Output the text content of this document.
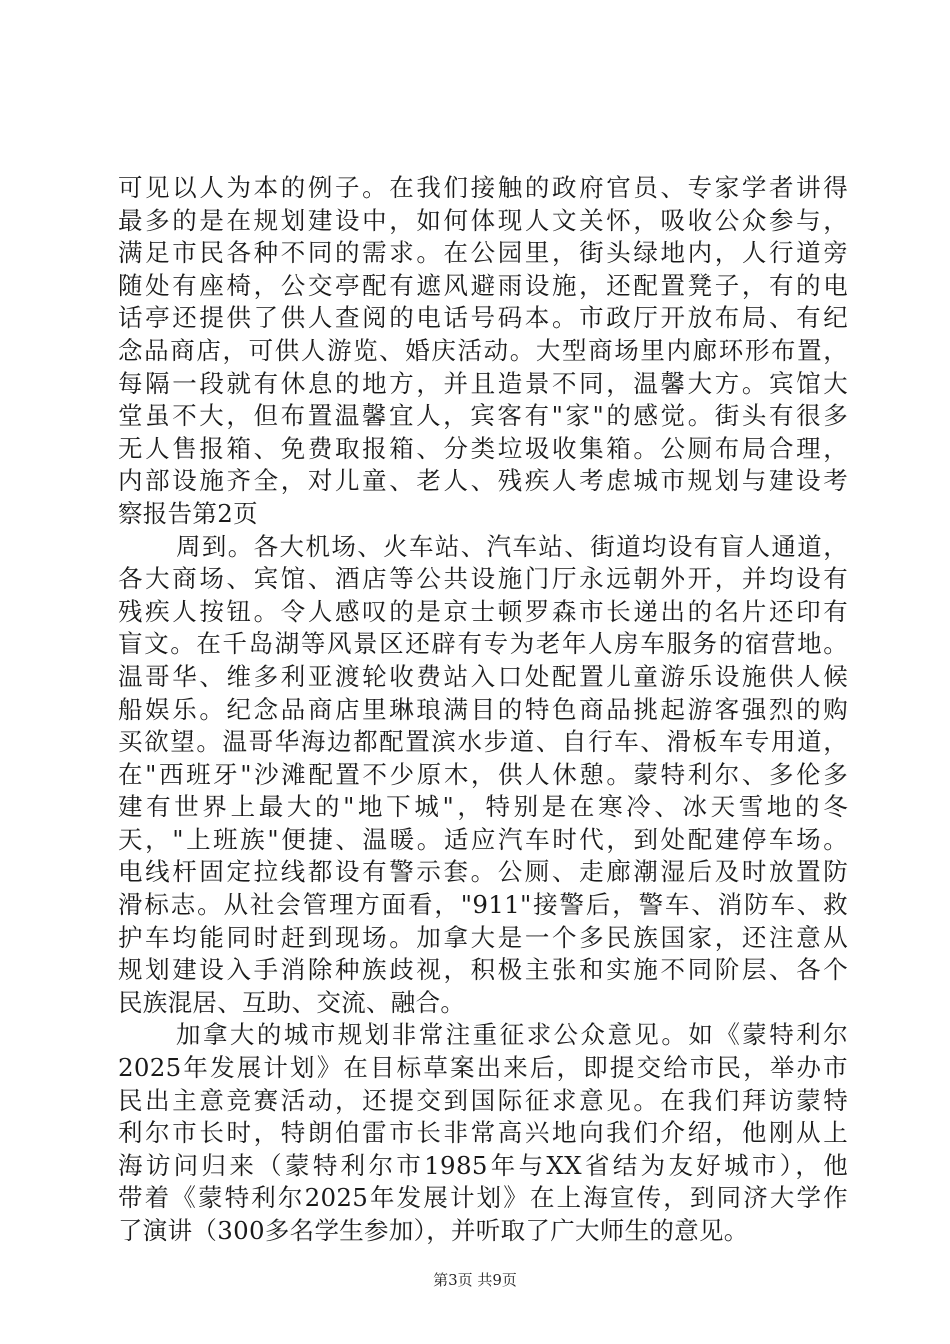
可见以人为本的例子。在我们接触的政府官员、专家学者讲得
最多的是在规划建设中，如何体现人文关怀，吸收公众参与，
满足市民各种不同的需求。在公园里，街头绿地内，人行道旁
随处有座椅，公交亭配有遮风避雨设施，还配置凳子，有的电
话亭还提供了供人查阅的电话号码本。市政厅开放布局、有纪
念品商店，可供人游览、婚庆活动。大型商场里内廊环形布置，
每隔一段就有休息的地方，并且造景不同，温馨大方。宾馆大
堂虽不大，但布置温馨宜人，宾客有"家"的感觉。街头有很多
无人售报箱、免费取报箱、分类垃圾收集箱。公厕布局合理，
内部设施齐全，对儿童、老人、残疾人考虑城市规划与建设考
察报告第2页
周到。各大机场、火车站、汽车站、街道均设有盲人通道，
各大商场、宾馆、酒店等公共设施门厅永远朝外开，并均设有
残疾人按钮。令人感叹的是京士顿罗森市长递出的名片还印有
盲文。在千岛湖等风景区还辟有专为老年人房车服务的宿营地。
温哥华、维多利亚渡轮收费站入口处配置儿童游乐设施供人候
船娱乐。纪念品商店里琳琅满目的特色商品挑起游客强烈的购
买欲望。温哥华海边都配置滨水步道、自行车、滑板车专用道，
在"西班牙"沙滩配置不少原木，供人休憩。蒙特利尔、多伦多
建有世界上最大的"地下城"，特别是在寒冷、冰天雪地的冬
天，"上班族"便捷、温暖。适应汽车时代，到处配建停车场。
电线杆固定拉线都设有警示套。公厕、走廊潮湿后及时放置防
滑标志。从社会管理方面看，"911"接警后，警车、消防车、救
护车均能同时赶到现场。加拿大是一个多民族国家，还注意从
规划建设入手消除种族歧视，积极主张和实施不同阶层、各个
民族混居、互助、交流、融合。
加拿大的城市规划非常注重征求公众意见。如《蒙特利尔
2025年发展计划》在目标草案出来后，即提交给市民，举办市
民出主意竞赛活动，还提交到国际征求意见。在我们拜访蒙特
利尔市长时，特朗伯雷市长非常高兴地向我们介绍，他刚从上
海访问归来（蒙特利尔市1985年与XX省结为友好城市），他
带着《蒙特利尔2025年发展计划》在上海宣传，到同济大学作
了演讲（300多名学生参加），并听取了广大师生的意见。
第3页 共9页
